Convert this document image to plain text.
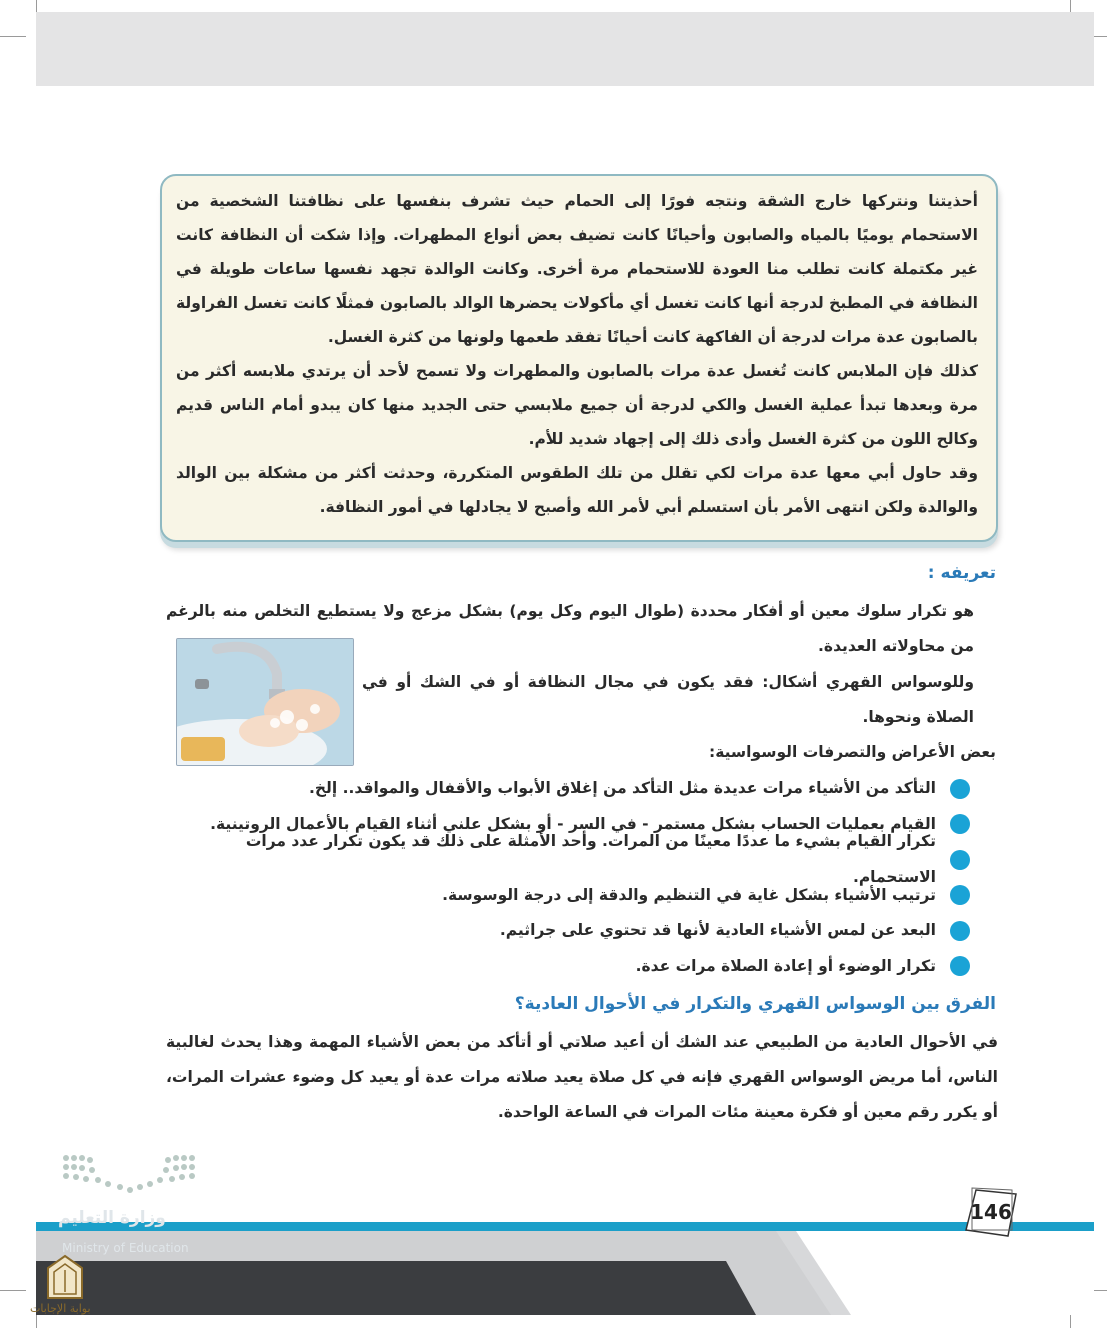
أحذيتنا ونتركها خارج الشقة ونتجه فورًا إلى الحمام حيث تشرف بنفسها على نظافتنا الشخصية من الاستحمام يوميًا بالمياه والصابون وأحيانًا كانت تضيف بعض أنواع المطهرات. وإذا شكت أن النظافة كانت غير مكتملة كانت تطلب منا العودة للاستحمام مرة أخرى. وكانت الوالدة تجهد نفسها ساعات طويلة في النظافة في المطبخ لدرجة أنها كانت تغسل أي مأكولات يحضرها الوالد بالصابون فمثلًا كانت تغسل الفراولة بالصابون عدة مرات لدرجة أن الفاكهة كانت أحيانًا تفقد طعمها ولونها من كثرة الغسل.

كذلك فإن الملابس كانت تُغسل عدة مرات بالصابون والمطهرات ولا تسمح لأحد أن يرتدي ملابسه أكثر من مرة وبعدها تبدأ عملية الغسل والكي لدرجة أن جميع ملابسي حتى الجديد منها كان يبدو أمام الناس قديم وكالح اللون من كثرة الغسل وأدى ذلك إلى إجهاد شديد للأم.

وقد حاول أبي معها عدة مرات لكي تقلل من تلك الطقوس المتكررة، وحدثت أكثر من مشكلة بين الوالد والوالدة ولكن انتهى الأمر بأن استسلم أبي لأمر الله وأصبح لا يجادلها في أمور النظافة.

تعريفه :
هو تكرار سلوك معين أو أفكار محددة (طوال اليوم وكل يوم) بشكل مزعج ولا يستطيع التخلص منه بالرغم من محاولاته العديدة.
وللوسواس القهري أشكال: فقد يكون في مجال النظافة أو في الشك أو في الصلاة ونحوها.
بعض الأعراض والتصرفات الوسواسية:
التأكد من الأشياء مرات عديدة مثل التأكد من إغلاق الأبواب والأقفال والمواقد.. إلخ.
القيام بعمليات الحساب بشكل مستمر - في السر - أو بشكل علني أثناء القيام بالأعمال الروتينية.
تكرار القيام بشيء ما عددًا معينًا من المرات. وأحد الأمثلة على ذلك قد يكون تكرار عدد مرات الاستحمام.
ترتيب الأشياء بشكل غاية في التنظيم والدقة إلى درجة الوسوسة.
البعد عن لمس الأشياء العادية لأنها قد تحتوي على جراثيم.
تكرار الوضوء أو إعادة الصلاة مرات عدة.
الفرق بين الوسواس القهري والتكرار في الأحوال العادية؟
في الأحوال العادية من الطبيعي عند الشك أن أعيد صلاتي أو أتأكد من بعض الأشياء المهمة وهذا يحدث لغالبية الناس، أما مريض الوسواس القهري فإنه في كل صلاة يعيد صلاته مرات عدة أو يعيد كل وضوء عشرات المرات، أو يكرر رقم معين أو فكرة معينة مئات المرات في الساعة الواحدة.
146
وزارة التعليم
Ministry of Education
بوابة الإجابات
